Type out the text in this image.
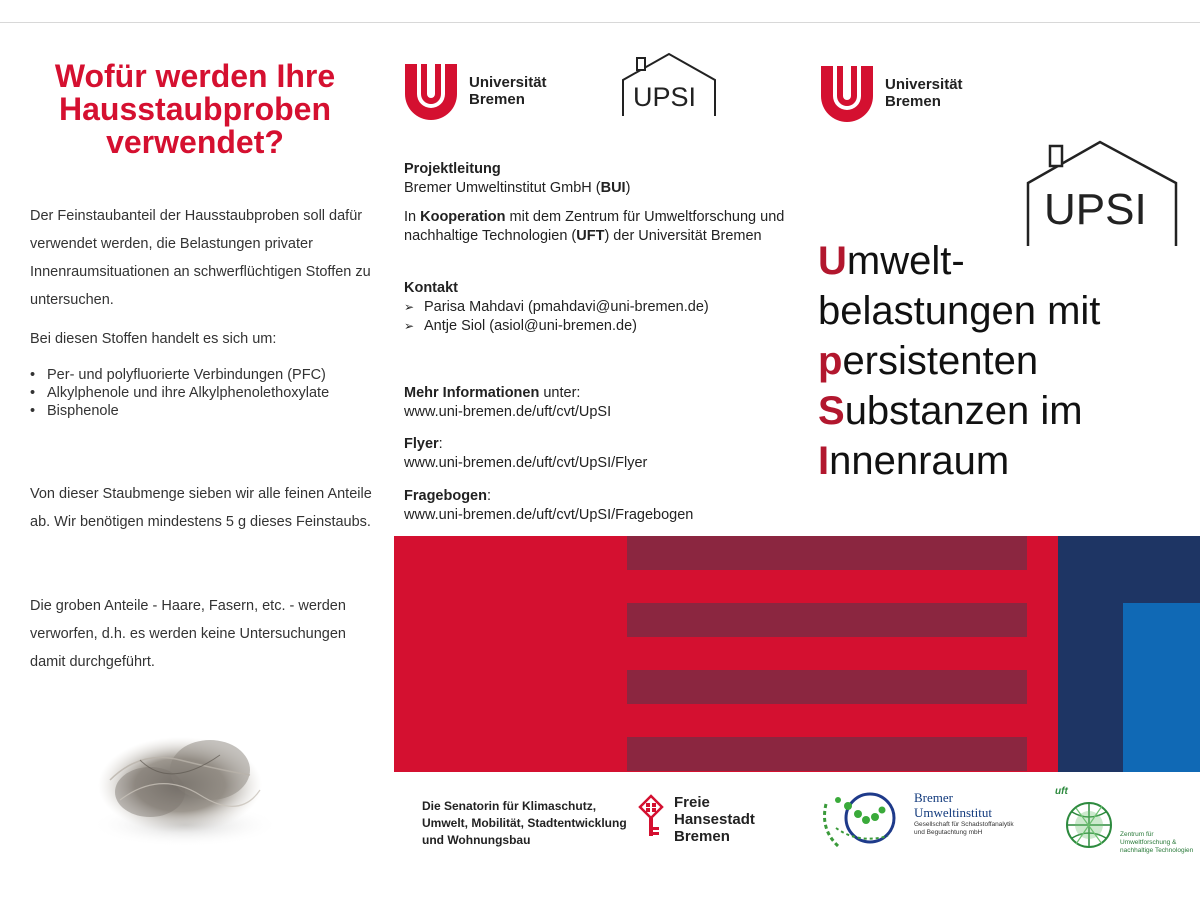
Wofür werden Ihre Hausstaubproben verwendet?

Der Feinstaubanteil der Hausstaubproben soll dafür verwendet werden, die Belastungen privater Innenraumsituationen an schwerflüchtigen Stoffen zu untersuchen.

Bei diesen Stoffen handelt es sich um:

• Per- und polyfluorierte Verbindungen (PFC)
• Alkylphenole und ihre Alkylphenolethoxylate
• Bisphenole

Von dieser Staubmenge sieben wir alle feinen Anteile ab. Wir benötigen mindestens 5 g dieses Feinstaubs.

Die groben Anteile - Haare, Fasern, etc. - werden verworfen, d.h. es werden keine Untersuchungen damit durchgeführt.

Universität
Bremen	UPSI	Universität
Bremen
UPSI
Projektleitung
Bremer Umweltinstitut GmbH (BUI)
In Kooperation mit dem Zentrum für Umweltforschung und nachhaltige Technologien (UFT) der Universität Bremen
Kontakt
➢ Parisa Mahdavi (pmahdavi@uni-bremen.de)
➢ Antje Siol (asiol@uni-bremen.de)
Mehr Informationen unter:
www.uni-bremen.de/uft/cvt/UpSI
Flyer:
www.uni-bremen.de/uft/cvt/UpSI/Flyer
Fragebogen:
www.uni-bremen.de/uft/cvt/UpSI/Fragebogen
Umwelt-
belastungen mit
persistenten
Substanzen im
Innenraum
Die Senatorin für Klimaschutz, Umwelt, Mobilität, Stadtentwicklung und Wohnungsbau
Freie
Hansestadt
Bremen
Bremer
Umweltinstitut
Gesellschaft für Schadstoffanalytik und Begutachtung mbH
uft
Zentrum für Umweltforschung & nachhaltige Technologien
